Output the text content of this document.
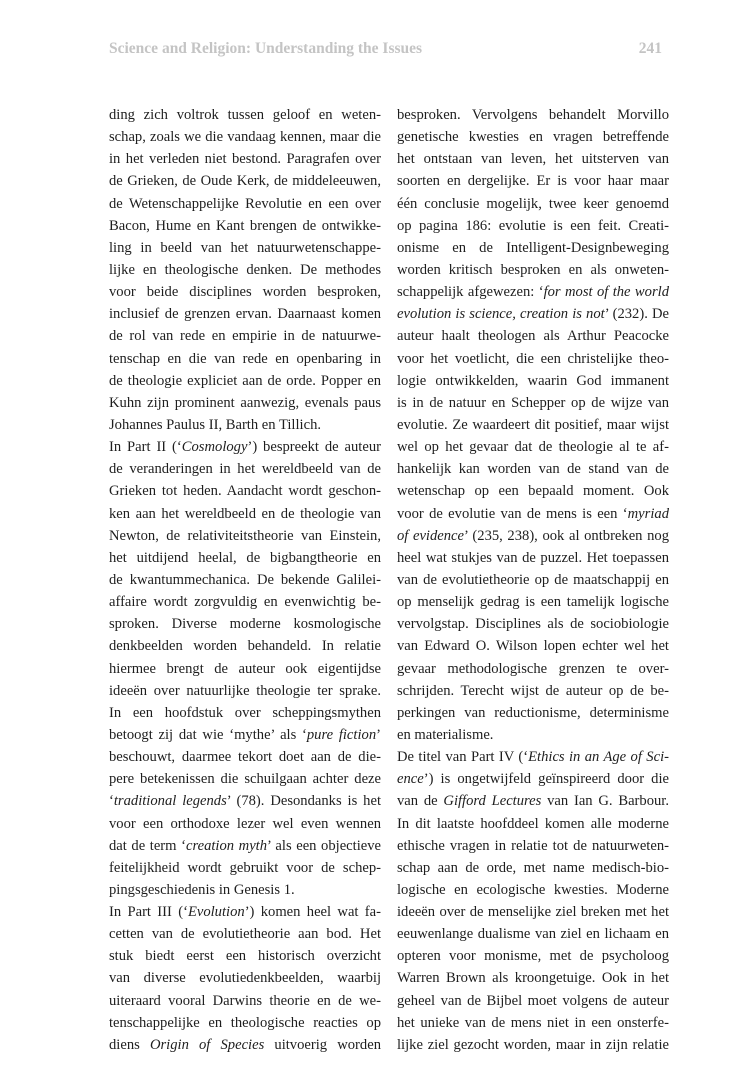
Science and Religion: Understanding the Issues	241
ding zich voltrok tussen geloof en weten-
schap, zoals we die vandaag kennen, maar die
in het verleden niet bestond. Paragrafen over
de Grieken, de Oude Kerk, de middeleeuwen,
de Wetenschappelijke Revolutie en een over
Bacon, Hume en Kant brengen de ontwikke-
ling in beeld van het natuurwetenschappe-
lijke en theologische denken. De methodes
voor beide disciplines worden besproken,
inclusief de grenzen ervan. Daarnaast komen
de rol van rede en empirie in de natuurwe-
tenschap en die van rede en openbaring in
de theologie expliciet aan de orde. Popper en
Kuhn zijn prominent aanwezig, evenals paus
Johannes Paulus II, Barth en Tillich.
In Part II (‘Cosmology’) bespreekt de auteur
de veranderingen in het wereldbeeld van de
Grieken tot heden. Aandacht wordt geschon-
ken aan het wereldbeeld en de theologie van
Newton, de relativiteitstheorie van Einstein,
het uitdijend heelal, de bigbangtheorie en
de kwantummechanica. De bekende Galilei-
affaire wordt zorgvuldig en evenwichtig be-
sproken. Diverse moderne kosmologische
denkbeelden worden behandeld. In relatie
hiermee brengt de auteur ook eigentijdse
ideeën over natuurlijke theologie ter sprake.
In een hoofdstuk over scheppingsmythen
betoogt zij dat wie ‘mythe’ als ‘pure fiction’
beschouwt, daarmee tekort doet aan de die-
pere betekenissen die schuilgaan achter deze
‘traditional legends’ (78). Desondanks is het
voor een orthodoxe lezer wel even wennen
dat de term ‘creation myth’ als een objectieve
feitelijkheid wordt gebruikt voor de schep-
pingsgeschiedenis in Genesis 1.
In Part III (‘Evolution’) komen heel wat fa-
cetten van de evolutietheorie aan bod. Het
stuk biedt eerst een historisch overzicht
van diverse evolutiedenkbeelden, waarbij
uiteraard vooral Darwins theorie en de we-
tenschappelijke en theologische reacties op
diens Origin of Species uitvoerig worden
besproken. Vervolgens behandelt Morvillo
genetische kwesties en vragen betreffende
het ontstaan van leven, het uitsterven van
soorten en dergelijke. Er is voor haar maar
één conclusie mogelijk, twee keer genoemd
op pagina 186: evolutie is een feit. Creati-
onisme en de Intelligent-Designbeweging
worden kritisch besproken en als onweten-
schappelijk afgewezen: ‘for most of the world
evolution is science, creation is not’ (232). De
auteur haalt theologen als Arthur Peacocke
voor het voetlicht, die een christelijke theo-
logie ontwikkelden, waarin God immanent
is in de natuur en Schepper op de wijze van
evolutie. Ze waardeert dit positief, maar wijst
wel op het gevaar dat de theologie al te af-
hankelijk kan worden van de stand van de
wetenschap op een bepaald moment. Ook
voor de evolutie van de mens is een ‘myriad
of evidence’ (235, 238), ook al ontbreken nog
heel wat stukjes van de puzzel. Het toepassen
van de evolutietheorie op de maatschappij en
op menselijk gedrag is een tamelijk logische
vervolgstap. Disciplines als de sociobiologie
van Edward O. Wilson lopen echter wel het
gevaar methodologische grenzen te over-
schrijden. Terecht wijst de auteur op de be-
perkingen van reductionisme, determinisme
en materialisme.
De titel van Part IV (‘Ethics in an Age of Sci-
ence’) is ongetwijfeld geïnspireerd door die
van de Gifford Lectures van Ian G. Barbour.
In dit laatste hoofddeel komen alle moderne
ethische vragen in relatie tot de natuurweten-
schap aan de orde, met name medisch-bio-
logische en ecologische kwesties. Moderne
ideeën over de menselijke ziel breken met het
eeuwenlange dualisme van ziel en lichaam en
opteren voor monisme, met de psycholoog
Warren Brown als kroongetuige. Ook in het
geheel van de Bijbel moet volgens de auteur
het unieke van de mens niet in een onsterfe-
lijke ziel gezocht worden, maar in zijn relatie
